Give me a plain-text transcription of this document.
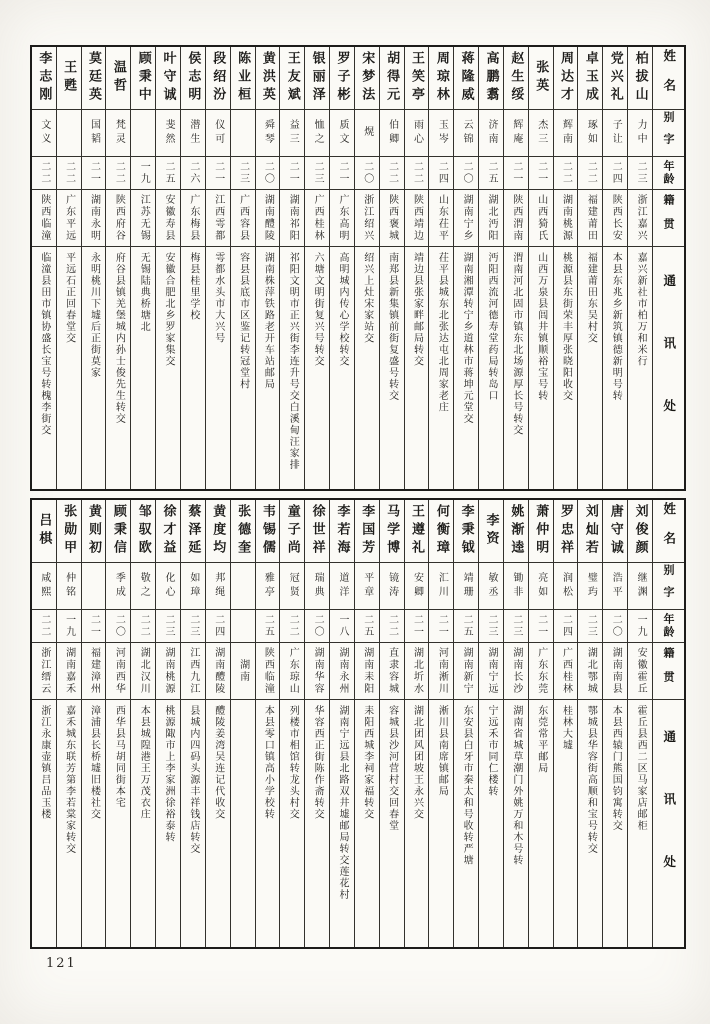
姓名
别字
年龄
籍贯
通讯处
柏拔山
力中
二三
浙江嘉兴
嘉兴新社市柏万和米行
党兴礼
子让
二四
陕西长安
本县东兆乡新筑镇德新明号转
卓玉成
琢如
二二
福建莆田
福建莆田东吴村交
周达才
辉南
二二
湖南桃源
桃源县东街荣丰厚张晓阳收交
张英
杰三
二一
山西猗氏
山西万泉县闾井镇顺裕宝号转
赵生绥
辉庵
二一
陕西渭南
渭南河北固市镇东北场源厚长号转交
高鹏翥
济南
二五
湖北沔阳
沔阳西流河德寿堂药局转岛口
蒋隆威
云锦
二〇
湖南宁乡
湖南湘潭转宁乡道林市蒋坤元堂交
周琼林
玉岑
二四
山东茌平
茌平县城东北张达屯北周家老庄
王笑亭
雨心
二二
陕西靖边
靖边县张家畔邮局转交
胡得元
伯卿
二二
陕西褒城
南郑县新集镇前街复盛号转交
宋梦法
熀
二〇
浙江绍兴
绍兴上灶宋家站交
罗子彬
质文
二一
广东高明
高明城内传心学校转交
银丽泽
恤之
二三
广西桂林
六塘文明街复兴号转交
王友斌
益三
二一
湖南祁阳
祁阳文明市正兴街李连升号交白溪甸汪家排
黄洪英
舜琴
二〇
湖南醴陵
湖南株萍铁路老开车站邮局
陈业桓
二三
广西容县
容县县底市区鉴记转冠堂村
段绍汾
仪可
二一
江西雩都
雩都水头市大兴号
侯志明
潜生
二六
广东梅县
梅县桂里学校
叶守诚
斐然
二五
安徽寿县
安徽合肥北乡罗家集交
顾秉中
一九
江苏无锡
无锡陆典桥塘北
温哲
梵灵
二二
陕西府谷
府谷县镇羌堡城内孙士俊先生转交
莫廷英
国韬
二一
湖南永明
永明桃川下墟后正街莫家
王甦
二二
广东平远
平远石正回春堂交
李志刚
文义
二二
陕西临潼
临潼县田市镇协盛长宝号转槐李街交
姓名
别字
年龄
籍贯
通讯处
刘俊颜
继渊
一九
安徽霍丘
霍丘县西二区马家店邮柜
唐守诚
浩平
二〇
湖南南县
本县西辕门熊国钧寓转交
刘灿若
璧玙
二三
湖北鄂城
鄂城县华容街高顺和宝号转交
罗忠祥
润松
二四
广西桂林
桂林大墟
萧仲明
亮如
二一
广东东莞
东莞常平邮局
姚渐逵
锄非
二三
湖南长沙
湖南省城草潮门外姚万和木号转
李资
敏丞
二三
湖南宁远
宁远禾市同仁楼转
李秉钺
靖珊
二五
湖南新宁
东安县白牙市秦太和号收转严塘
何衡璋
汇川
二一
河南淅川
淅川县南席镇邮局
王遵礼
安卿
二一
湖北圻水
湖北团风团坡王永兴交
马学博
镜涛
二二
直隶容城
容城县沙河营村交回春堂
李国芳
平章
二五
湖南耒阳
耒阳西城李祠家福转交
李若海
道洋
一八
湖南永州
湖南宁远县北路双井墟邮局转交莲花村
徐世祥
瑞典
二〇
湖南华容
华容西正街陈作斋转交
童子尚
冠贤
二二
广东琼山
列楼市相馆转龙头村交
韦锡儒
雅亭
二五
陕西临潼
本县零口镇高小学校转
张德奎
湖南
黄度均
邦绳
二四
湖南醴陵
醴陵姜湾吴连记代收交
蔡泽延
如璋
二三
江西九江
县城内四码头源丰祥钱店转交
徐才益
化心
二三
湖南桃源
桃源陬市上李家洲徐裕泰转
邹驭欧
敬之
二二
湖北汉川
本县城隍港王万茂衣庄
顾秉信
季成
二〇
河南西华
西华县马胡同街本宅
黄则初
二一
福建漳州
漳浦县长桥墟旧楼社交
张勋甲
仲铭
一九
湖南嘉禾
嘉禾城东联芳第李若棠家转交
吕棋
咸熙
二二
浙江缙云
浙江永康壶镇吕品玉楼
121
